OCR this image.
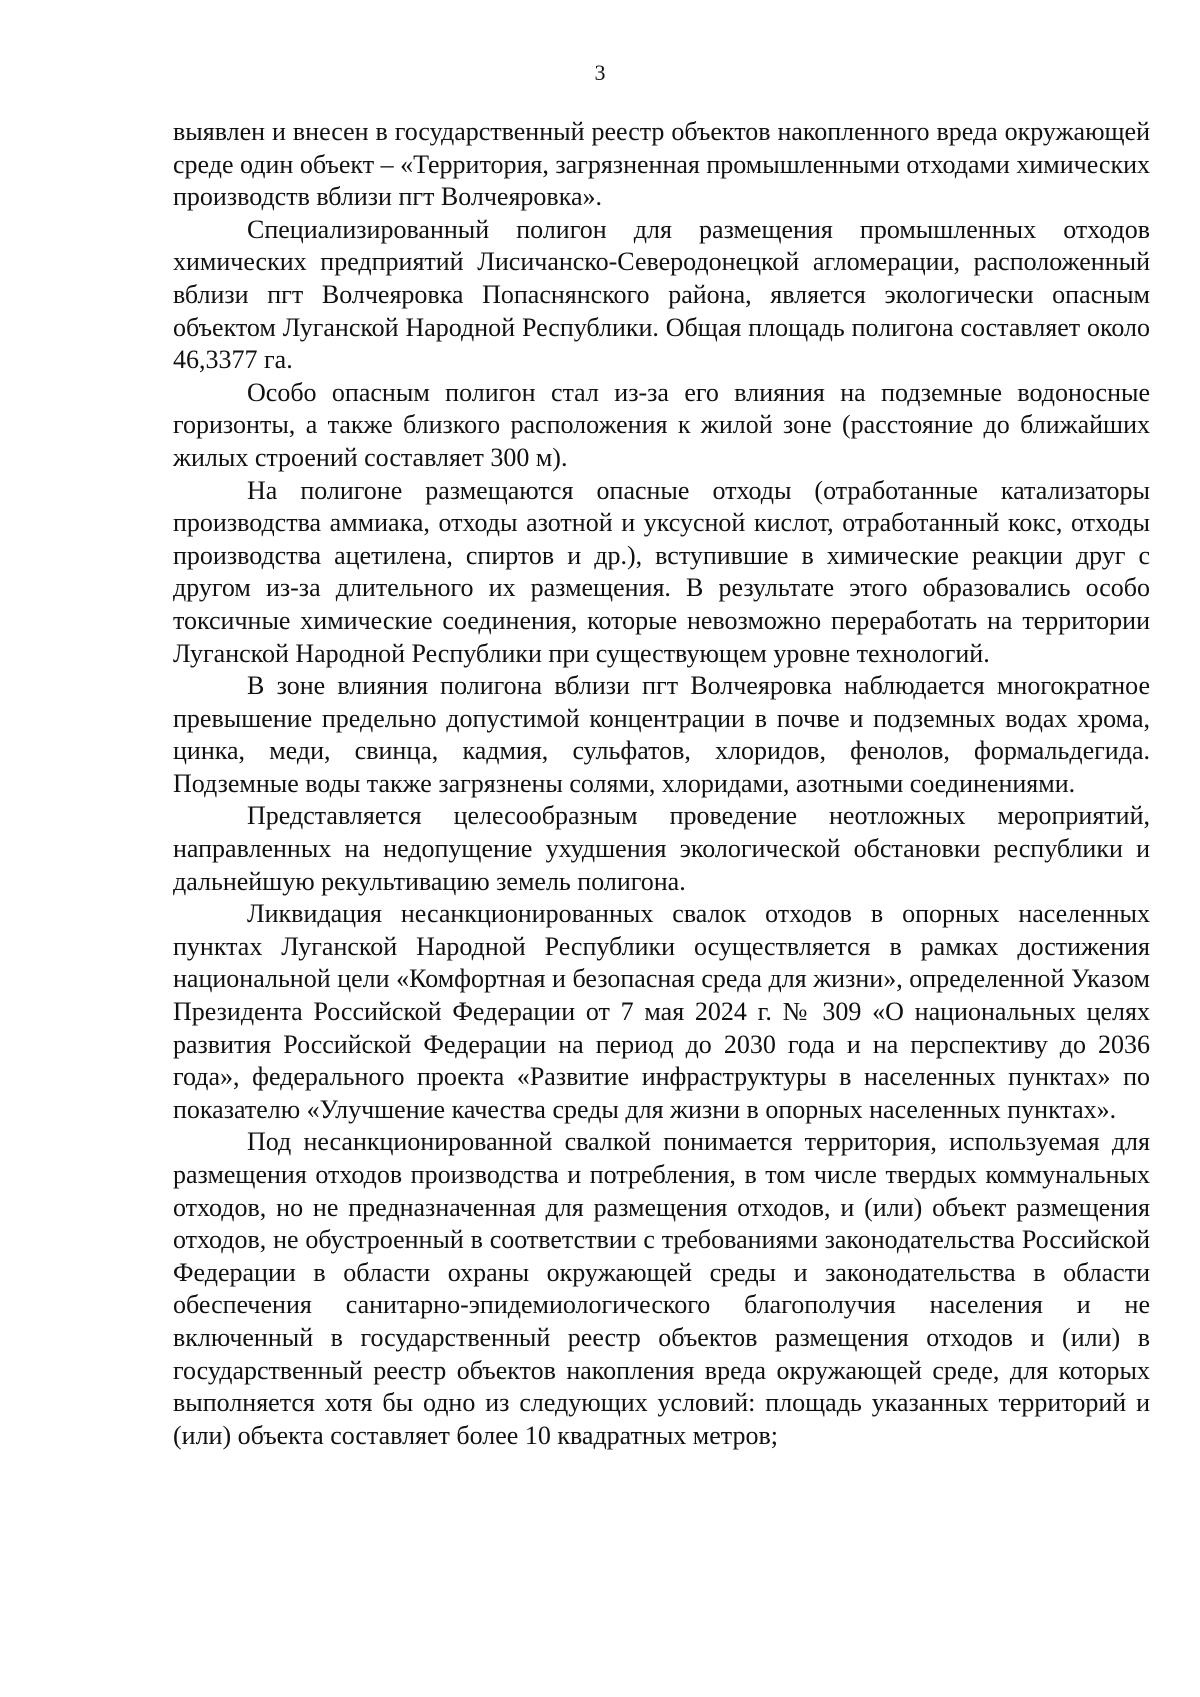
3

выявлен и внесен в государственный реестр объектов накопленного вреда окружающей среде один объект – «Территория, загрязненная промышленными отходами химических производств вблизи пгт Волчеяровка».

Специализированный полигон для размещения промышленных отходов химических предприятий Лисичанско-Северодонецкой агломерации, расположенный вблизи пгт Волчеяровка Попаснянского района, является экологически опасным объектом Луганской Народной Республики. Общая площадь полигона составляет около 46,3377 га.

Особо опасным полигон стал из-за его влияния на подземные водоносные горизонты, а также близкого расположения к жилой зоне (расстояние до ближайших жилых строений составляет 300 м).

На полигоне размещаются опасные отходы (отработанные катализаторы производства аммиака, отходы азотной и уксусной кислот, отработанный кокс, отходы производства ацетилена, спиртов и др.), вступившие в химические реакции друг с другом из-за длительного их размещения. В результате этого образовались особо токсичные химические соединения, которые невозможно переработать на территории Луганской Народной Республики при существующем уровне технологий.

В зоне влияния полигона вблизи пгт Волчеяровка наблюдается многократное превышение предельно допустимой концентрации в почве и подземных водах хрома, цинка, меди, свинца, кадмия, сульфатов, хлоридов, фенолов, формальдегида. Подземные воды также загрязнены солями, хлоридами, азотными соединениями.

Представляется целесообразным проведение неотложных мероприятий, направленных на недопущение ухудшения экологической обстановки республики и дальнейшую рекультивацию земель полигона.

Ликвидация несанкционированных свалок отходов в опорных населенных пунктах Луганской Народной Республики осуществляется в рамках достижения национальной цели «Комфортная и безопасная среда для жизни», определенной Указом Президента Российской Федерации от 7 мая 2024 г. № 309 «О национальных целях развития Российской Федерации на период до 2030 года и на перспективу до 2036 года», федерального проекта «Развитие инфраструктуры в населенных пунктах» по показателю «Улучшение качества среды для жизни в опорных населенных пунктах».

Под несанкционированной свалкой понимается территория, используемая для размещения отходов производства и потребления, в том числе твердых коммунальных отходов, но не предназначенная для размещения отходов, и (или) объект размещения отходов, не обустроенный в соответствии с требованиями законодательства Российской Федерации в области охраны окружающей среды и законодательства в области обеспечения санитарно-эпидемиологического благополучия населения и не включенный в государственный реестр объектов размещения отходов и (или) в государственный реестр объектов накопления вреда окружающей среде, для которых выполняется хотя бы одно из следующих условий: площадь указанных территорий и (или) объекта составляет более 10 квадратных метров;
